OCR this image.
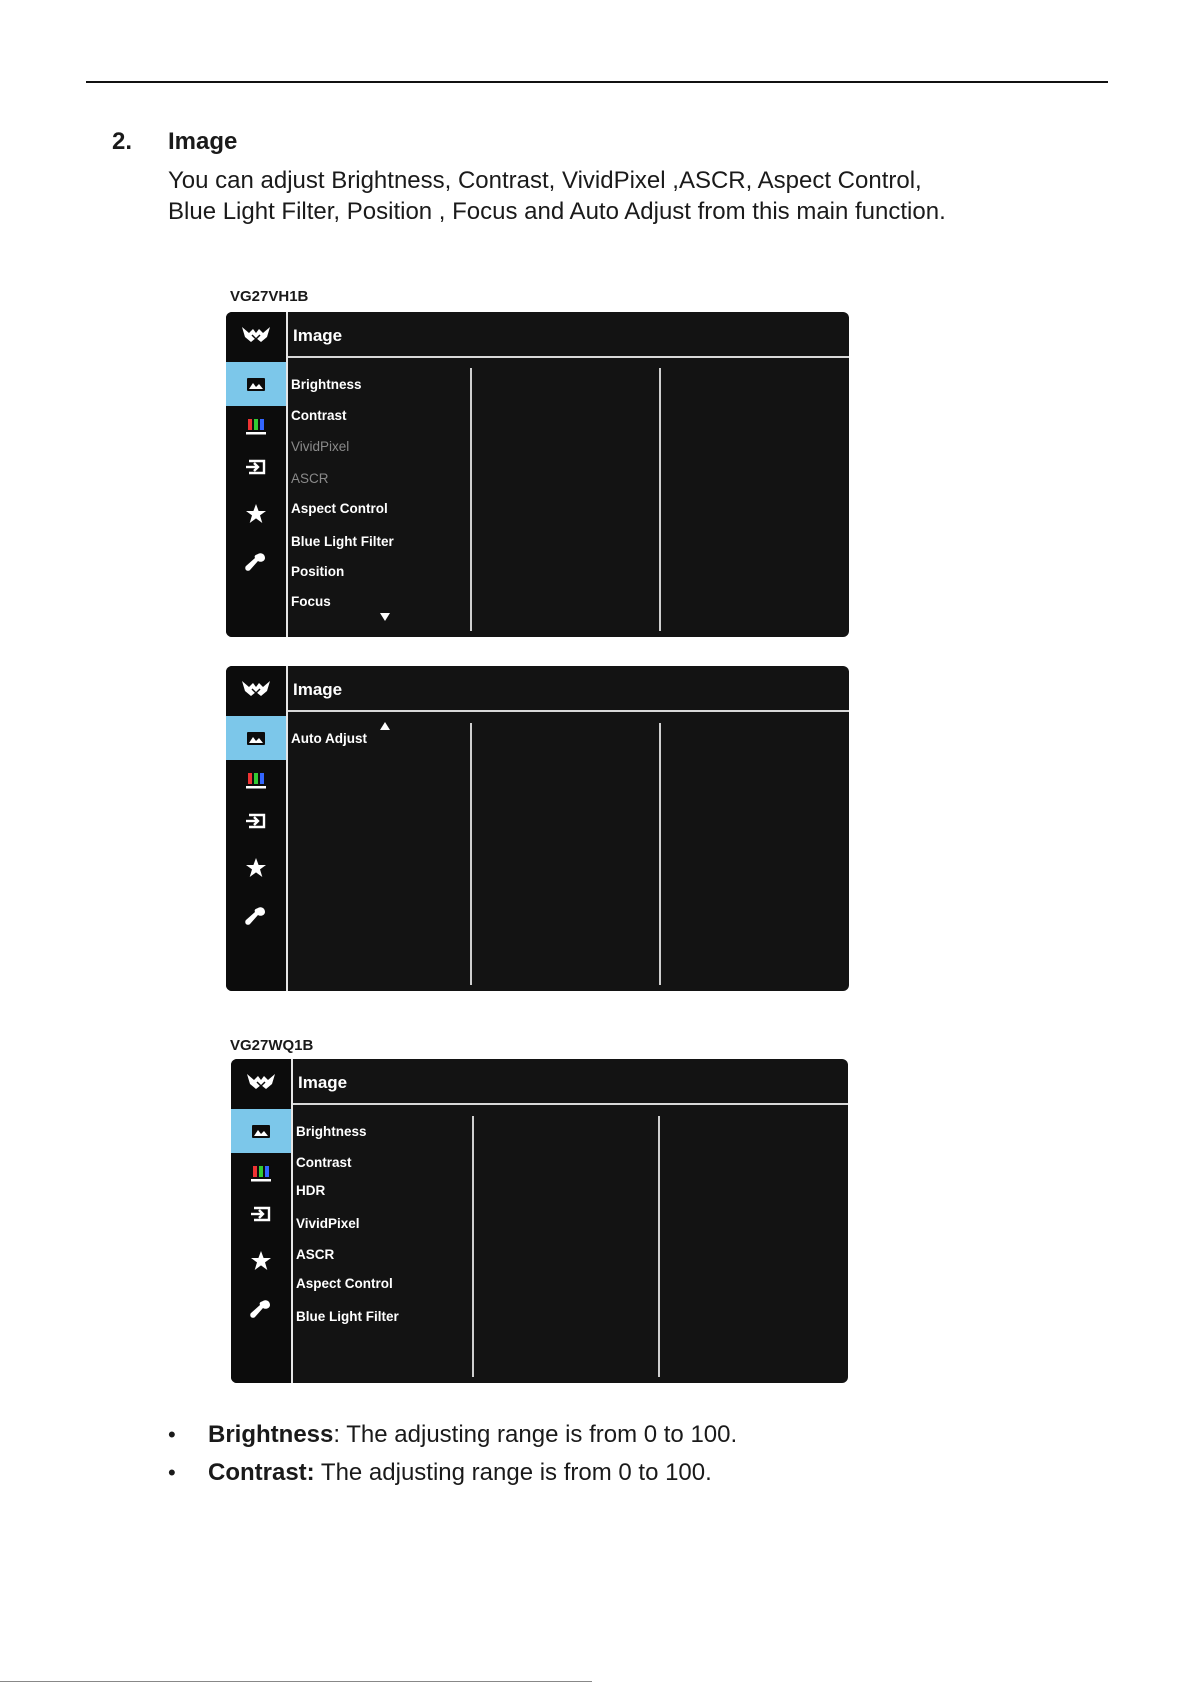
2. Image

You can adjust Brightness, Contrast, VividPixel ,ASCR, Aspect Control, Blue Light Filter, Position , Focus and Auto Adjust from this main function.

VG27VH1B
Image
Brightness
Contrast
VividPixel
ASCR
Aspect Control
Blue Light Filter
Position
Focus
Image
Auto Adjust
VG27WQ1B
Image
Brightness
Contrast
HDR
VividPixel
ASCR
Aspect Control
Blue Light Filter
• Brightness: The adjusting range is from 0 to 100.
• Contrast: The adjusting range is from 0 to 100.
